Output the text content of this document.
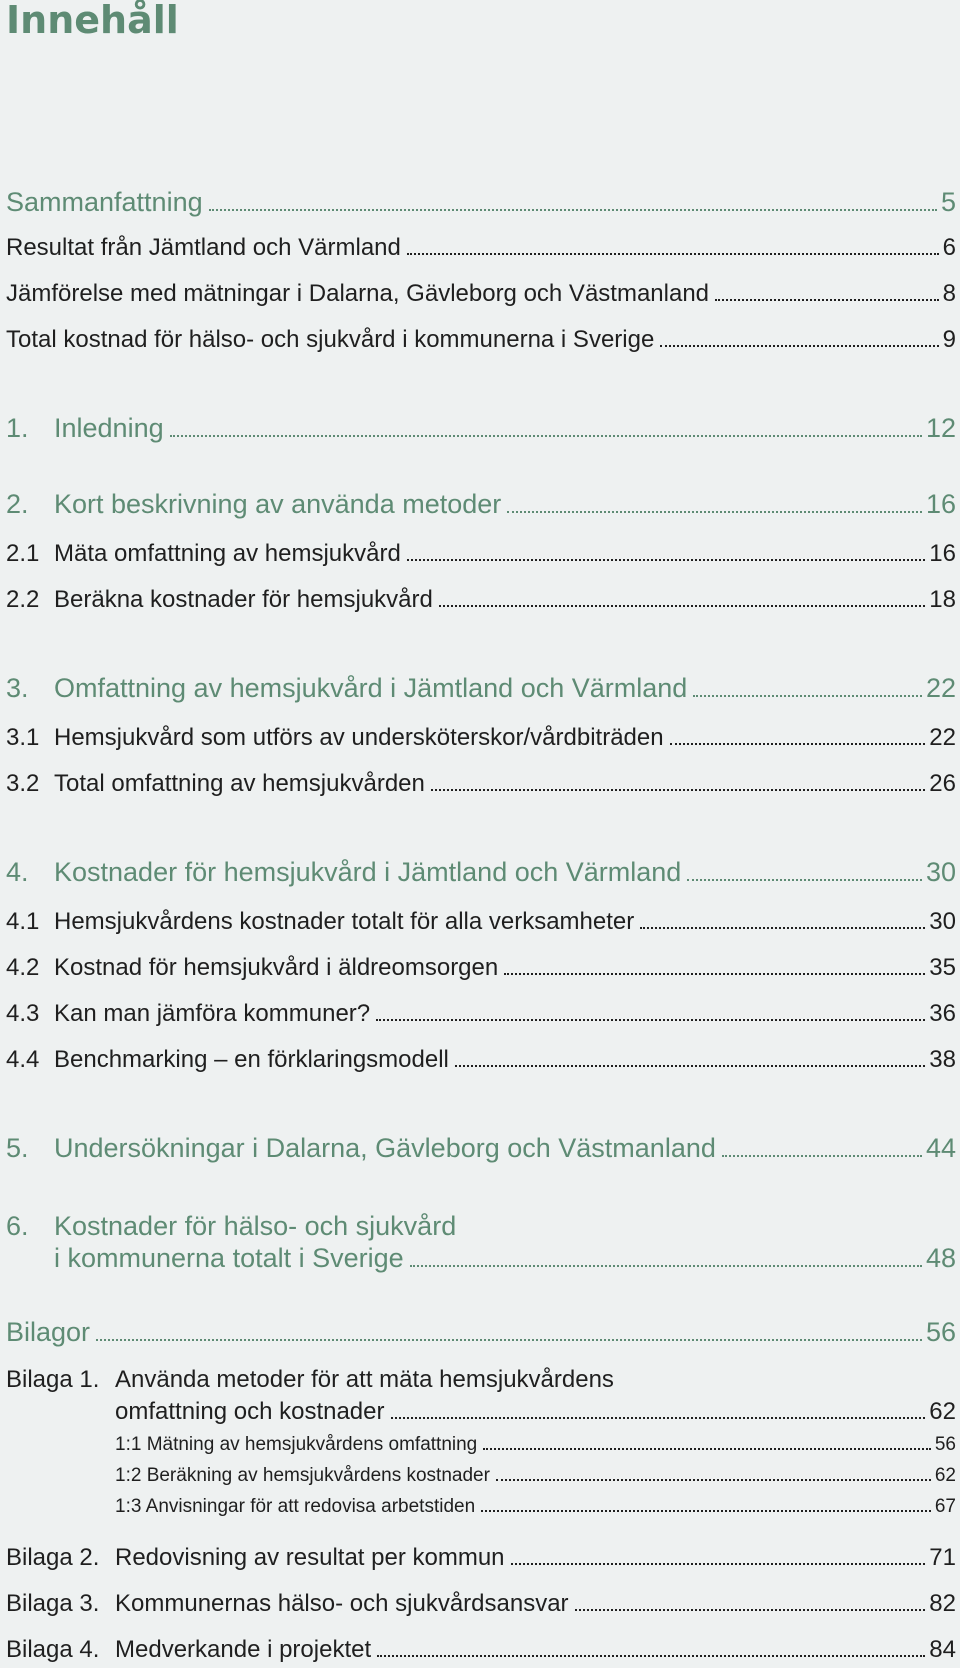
Innehåll
Sammanfattning	5
Resultat från Jämtland och Värmland	6
Jämförelse med mätningar i Dalarna, Gävleborg och Västmanland	8
Total kostnad för hälso- och sjukvård i kommunerna i Sverige	9
1. Inledning	12
2. Kort beskrivning av använda metoder	16
2.1 Mäta omfattning av hemsjukvård	16
2.2 Beräkna kostnader för hemsjukvård	18
3. Omfattning av hemsjukvård i Jämtland och Värmland	22
3.1 Hemsjukvård som utförs av undersköterskor/vårdbiträden	22
3.2 Total omfattning av hemsjukvården	26
4. Kostnader för hemsjukvård i Jämtland och Värmland	30
4.1 Hemsjukvårdens kostnader totalt för alla verksamheter	30
4.2 Kostnad för hemsjukvård i äldreomsorgen	35
4.3 Kan man jämföra kommuner?	36
4.4 Benchmarking – en förklaringsmodell	38
5. Undersökningar i Dalarna, Gävleborg och Västmanland	44
6. Kostnader för hälso- och sjukvård
i kommunerna totalt i Sverige	48
Bilagor	56
Bilaga 1. Använda metoder för att mäta hemsjukvårdens
omfattning och kostnader	62
1:1 Mätning av hemsjukvårdens omfattning	56
1:2 Beräkning av hemsjukvårdens kostnader	62
1:3 Anvisningar för att redovisa arbetstiden	67
Bilaga 2. Redovisning av resultat per kommun	71
Bilaga 3. Kommunernas hälso- och sjukvårdsansvar	82
Bilaga 4. Medverkande i projektet	84
